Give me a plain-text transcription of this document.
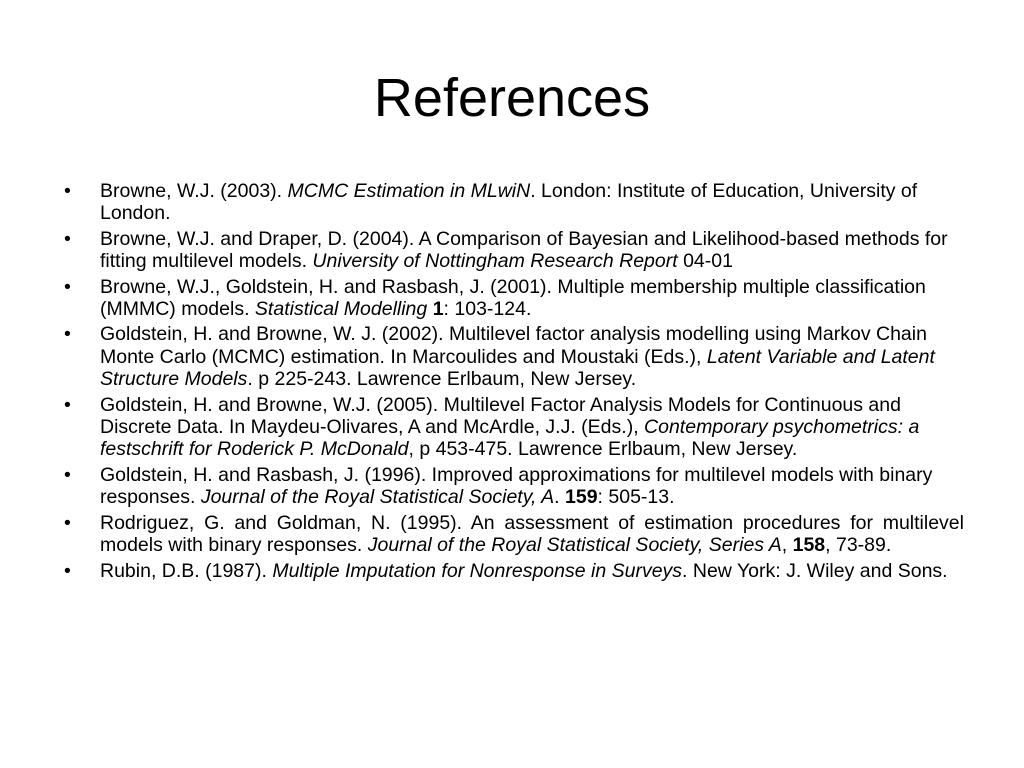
References
• Browne, W.J. (2003). MCMC Estimation in MLwiN. London: Institute of Education, University of London.
• Browne, W.J. and Draper, D. (2004). A Comparison of Bayesian and Likelihood-based methods for fitting multilevel models. University of Nottingham Research Report 04-01
• Browne, W.J., Goldstein, H. and Rasbash, J. (2001). Multiple membership multiple classification (MMMC) models. Statistical Modelling 1: 103-124.
• Goldstein, H. and Browne, W. J. (2002). Multilevel factor analysis modelling using Markov Chain Monte Carlo (MCMC) estimation. In Marcoulides and Moustaki (Eds.), Latent Variable and Latent Structure Models. p 225-243. Lawrence Erlbaum, New Jersey.
• Goldstein, H. and Browne, W.J. (2005). Multilevel Factor Analysis Models for Continuous and Discrete Data. In Maydeu-Olivares, A and McArdle, J.J. (Eds.), Contemporary psychometrics: a festschrift for Roderick P. McDonald, p 453-475. Lawrence Erlbaum, New Jersey.
• Goldstein, H. and Rasbash, J. (1996). Improved approximations for multilevel models with binary responses. Journal of the Royal Statistical Society, A. 159: 505-13.
• Rodriguez, G. and Goldman, N. (1995). An assessment of estimation procedures for multilevel models with binary responses. Journal of the Royal Statistical Society, Series A, 158, 73-89.
• Rubin, D.B. (1987). Multiple Imputation for Nonresponse in Surveys. New York: J. Wiley and Sons.
